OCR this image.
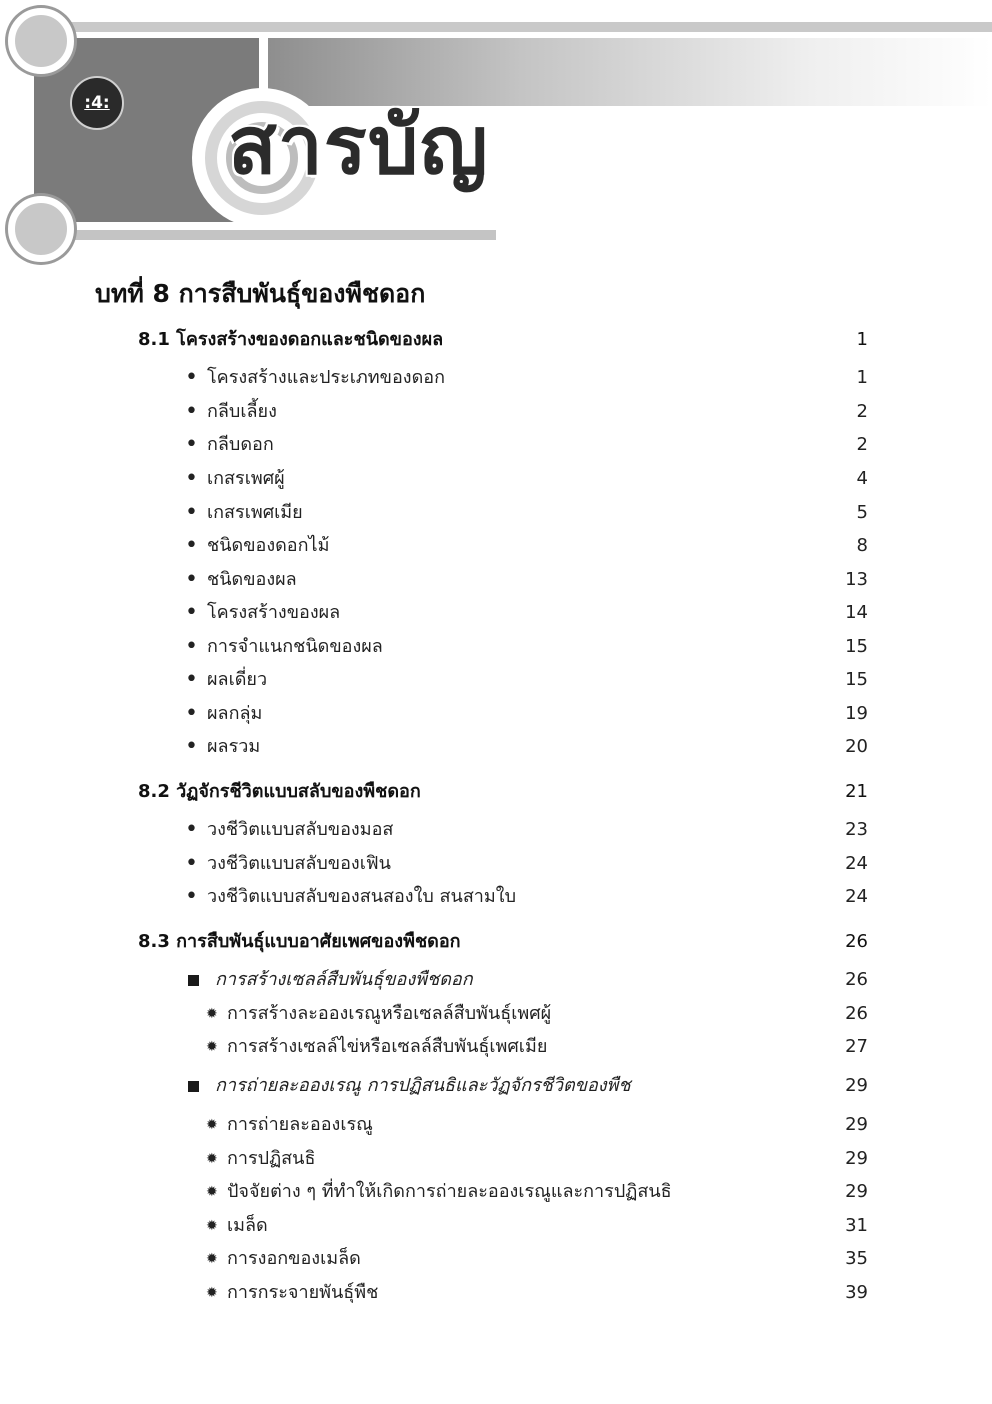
:4: สารบัญ
บทที่ 8 การสืบพันธุ์ของพืชดอก
8.1 โครงสร้างของดอกและชนิดของผล	1
•
โครงสร้างและประเภทของดอก	1
•
กลีบเลี้ยง	2
•
กลีบดอก	2
•
เกสรเพศผู้	4
•
เกสรเพศเมีย	5
•
ชนิดของดอกไม้	8
•
ชนิดของผล	13
•
โครงสร้างของผล	14
•
การจำแนกชนิดของผล	15
•
ผลเดี่ยว	15
•
ผลกลุ่ม	19
•
ผลรวม	20
8.2 วัฏจักรชีวิตแบบสลับของพืชดอก	21
•
วงชีวิตแบบสลับของมอส	23
•
วงชีวิตแบบสลับของเฟิน	24
•
วงชีวิตแบบสลับของสนสองใบ สนสามใบ	24
8.3 การสืบพันธุ์แบบอาศัยเพศของพืชดอก	26
การสร้างเซลล์สืบพันธุ์ของพืชดอก	26
✹ การสร้างละอองเรณูหรือเซลล์สืบพันธุ์เพศผู้	26
✹ การสร้างเซลล์ไข่หรือเซลล์สืบพันธุ์เพศเมีย	27
การถ่ายละอองเรณู การปฏิสนธิและวัฏจักรชีวิตของพืช	29
✹ การถ่ายละอองเรณู	29
✹ การปฏิสนธิ	29
✹ ปัจจัยต่าง ๆ ที่ทำให้เกิดการถ่ายละอองเรณูและการปฏิสนธิ	29
✹ เมล็ด	31
✹ การงอกของเมล็ด	35
✹ การกระจายพันธุ์พืช	39
